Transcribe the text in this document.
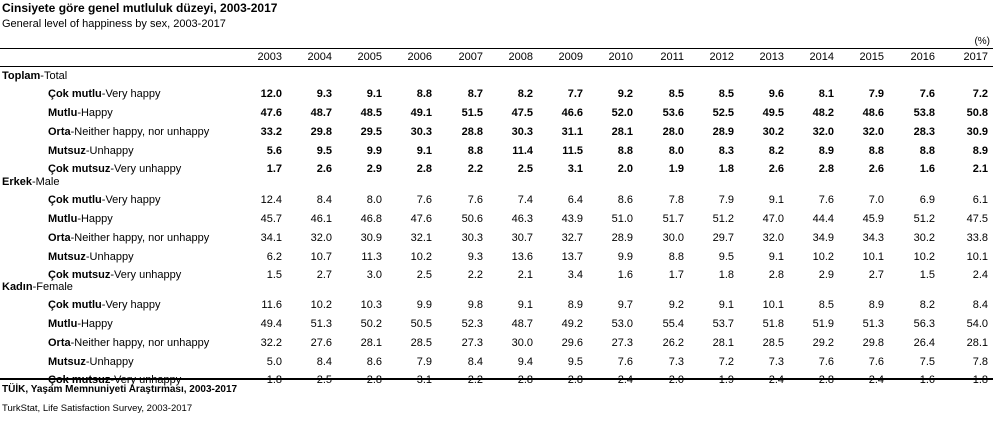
Cinsiyete göre genel mutluluk düzeyi, 2003-2017
General level of happiness by sex, 2003-2017
(%)
2003	2004	2005	2006	2007	2008	2009	2010	2011	2012	2013	2014	2015	2016	2017
Toplam-Total
Çok mutlu-Very happy	12.0	9.3	9.1	8.8	8.7	8.2	7.7	9.2	8.5	8.5	9.6	8.1	7.9	7.6	7.2
Mutlu-Happy	47.6	48.7	48.5	49.1	51.5	47.5	46.6	52.0	53.6	52.5	49.5	48.2	48.6	53.8	50.8
Orta-Neither happy, nor unhappy	33.2	29.8	29.5	30.3	28.8	30.3	31.1	28.1	28.0	28.9	30.2	32.0	32.0	28.3	30.9
Mutsuz-Unhappy	5.6	9.5	9.9	9.1	8.8	11.4	11.5	8.8	8.0	8.3	8.2	8.9	8.8	8.8	8.9
Çok mutsuz-Very unhappy	1.7	2.6	2.9	2.8	2.2	2.5	3.1	2.0	1.9	1.8	2.6	2.8	2.6	1.6	2.1
Erkek-Male
Çok mutlu-Very happy	12.4	8.4	8.0	7.6	7.6	7.4	6.4	8.6	7.8	7.9	9.1	7.6	7.0	6.9	6.1
Mutlu-Happy	45.7	46.1	46.8	47.6	50.6	46.3	43.9	51.0	51.7	51.2	47.0	44.4	45.9	51.2	47.5
Orta-Neither happy, nor unhappy	34.1	32.0	30.9	32.1	30.3	30.7	32.7	28.9	30.0	29.7	32.0	34.9	34.3	30.2	33.8
Mutsuz-Unhappy	6.2	10.7	11.3	10.2	9.3	13.6	13.7	9.9	8.8	9.5	9.1	10.2	10.1	10.2	10.1
Çok mutsuz-Very unhappy	1.5	2.7	3.0	2.5	2.2	2.1	3.4	1.6	1.7	1.8	2.8	2.9	2.7	1.5	2.4
Kadın-Female
Çok mutlu-Very happy	11.6	10.2	10.3	9.9	9.8	9.1	8.9	9.7	9.2	9.1	10.1	8.5	8.9	8.2	8.4
Mutlu-Happy	49.4	51.3	50.2	50.5	52.3	48.7	49.2	53.0	55.4	53.7	51.8	51.9	51.3	56.3	54.0
Orta-Neither happy, nor unhappy	32.2	27.6	28.1	28.5	27.3	30.0	29.6	27.3	26.2	28.1	28.5	29.2	29.8	26.4	28.1
Mutsuz-Unhappy	5.0	8.4	8.6	7.9	8.4	9.4	9.5	7.6	7.3	7.2	7.3	7.6	7.6	7.5	7.8
Çok mutsuz-Very unhappy	1.8	2.5	2.8	3.1	2.2	2.8	2.8	2.4	2.0	1.9	2.4	2.8	2.4	1.6	1.8
TÜİK, Yaşam Memnuniyeti Araştırması, 2003-2017
TurkStat, Life Satisfaction Survey, 2003-2017
